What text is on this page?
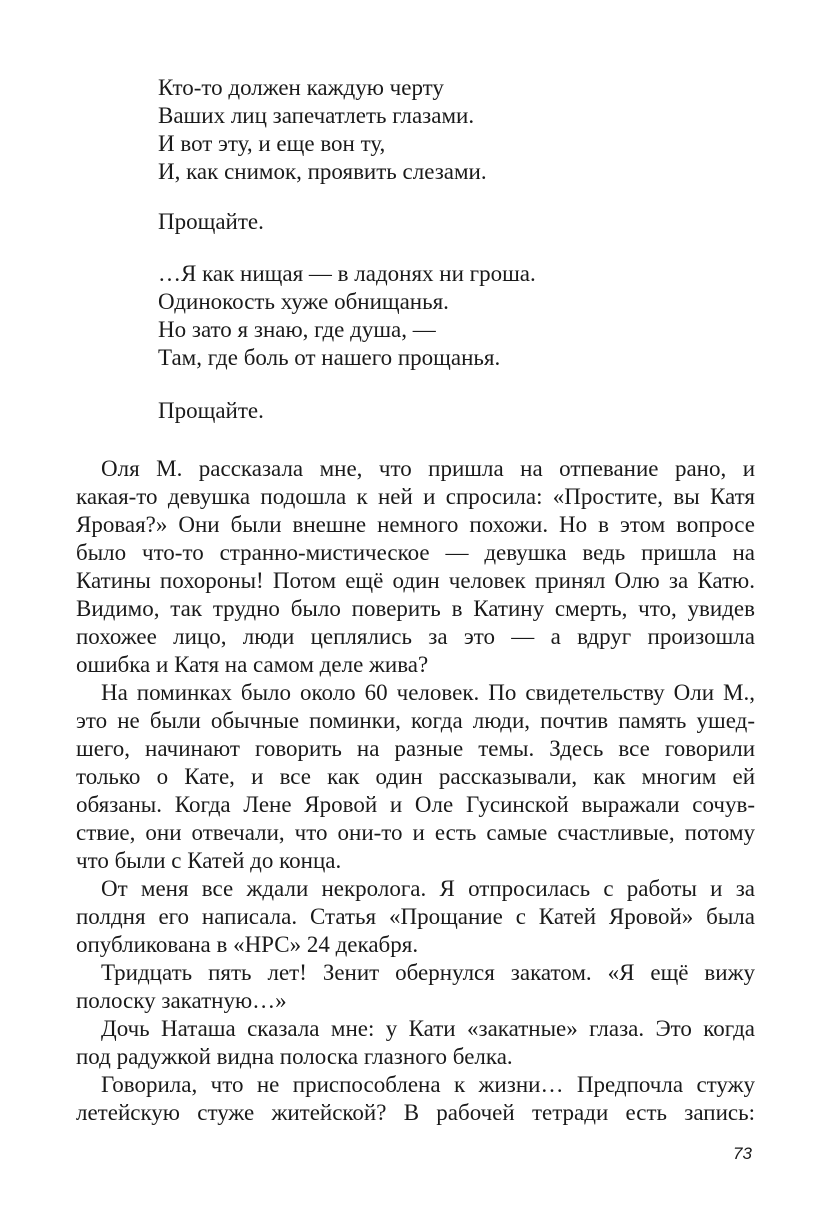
Кто-то должен каждую черту
Ваших лиц запечатлеть глазами.
И вот эту, и еще вон ту,
И, как снимок, проявить слезами.
Прощайте.
…Я как нищая — в ладонях ни гроша.
Одинокость хуже обнищанья.
Но зато я знаю, где душа, —
Там, где боль от нашего прощанья.
Прощайте.
Оля М. рассказала мне, что пришла на отпевание рано, и
какая-то девушка подошла к ней и спросила: «Простите, вы Катя
Яровая?» Они были внешне немного похожи. Но в этом вопросе
было что-то странно-мистическое — девушка ведь пришла на
Катины похороны! Потом ещё один человек принял Олю за Катю.
Видимо, так трудно было поверить в Катину смерть, что, увидев
похожее лицо, люди цеплялись за это — а вдруг произошла
ошибка и Катя на самом деле жива?
На поминках было около 60 человек. По свидетельству Оли М.,
это не были обычные поминки, когда люди, почтив память ушед-
шего, начинают говорить на разные темы. Здесь все говорили
только о Кате, и все как один рассказывали, как многим ей
обязаны. Когда Лене Яровой и Оле Гусинской выражали сочув-
ствие, они отвечали, что они-то и есть самые счастливые, потому
что были с Катей до конца.
От меня все ждали некролога. Я отпросилась с работы и за
полдня его написала. Статья «Прощание с Катей Яровой» была
опубликована в «НРС» 24 декабря.
Тридцать пять лет! Зенит обернулся закатом. «Я ещё вижу
полоску закатную…»
Дочь Наташа сказала мне: у Кати «закатные» глаза. Это когда
под радужкой видна полоска глазного белка.
Говорила, что не приспособлена к жизни… Предпочла стужу
летейскую стуже житейской? В рабочей тетради есть запись:
73
